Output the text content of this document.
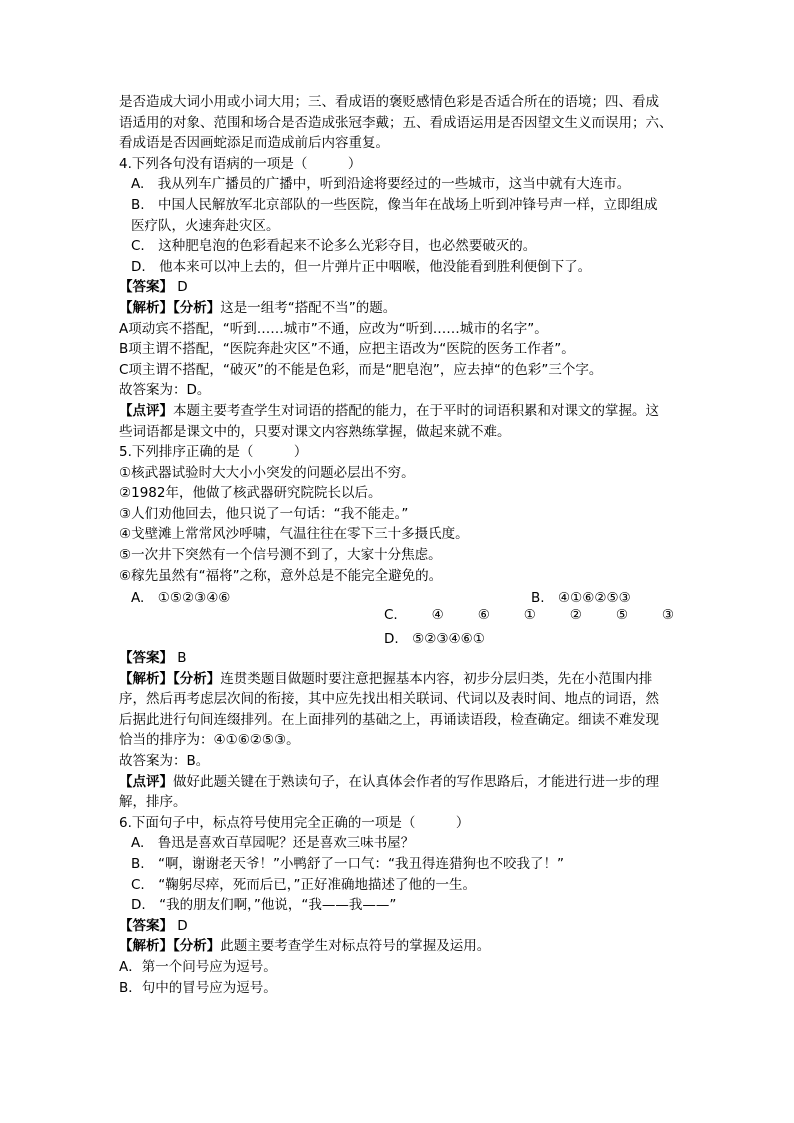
是否造成大词小用或小词大用；三、看成语的褒贬感情色彩是否适合所在的语境；四、看成

语适用的对象、范围和场合是否造成张冠李戴；五、看成语运用是否因望文生义而误用；六、

看成语是否因画蛇添足而造成前后内容重复。

4.下列各句没有语病的一项是（　　　）

A.　我从列车广播员的广播中，听到沿途将要经过的一些城市，这当中就有大连市。

B.　中国人民解放军北京部队的一些医院，像当年在战场上听到冲锋号声一样，立即组成

医疗队，火速奔赴灾区。

C.　这种肥皂泡的色彩看起来不论多么光彩夺目，也必然要破灭的。

D.　他本来可以冲上去的，但一片弹片正中咽喉，他没能看到胜利便倒下了。

【答案】 D

【解析】【分析】这是一组考“搭配不当”的题。

A项动宾不搭配，“听到……城市”不通，应改为“听到……城市的名字”。

B项主谓不搭配，“医院奔赴灾区”不通，应把主语改为“医院的医务工作者”。

C项主谓不搭配，“破灭”的不能是色彩，而是“肥皂泡”，应去掉“的色彩”三个字。

故答案为：D。

【点评】本题主要考查学生对词语的搭配的能力，在于平时的词语积累和对课文的掌握。这

些词语都是课文中的，只要对课文内容熟练掌握，做起来就不难。

5.下列排序正确的是（　　　）

①核武器试验时大大小小突发的问题必层出不穷。

②1982年，他做了核武器研究院院长以后。

③人们劝他回去，他只说了一句话：“我不能走。”

④戈壁滩上常常风沙呼啸，气温往往在零下三十多摄氏度。

⑤一次井下突然有一个信号测不到了，大家十分焦虑。

⑥稼先虽然有“福将”之称，意外总是不能完全避免的。

A.　①⑤②③④⑥	B.　④①⑥②⑤③
C.	④	⑥	①	②	⑤	③
D.　⑤②③④⑥①

【答案】 B

【解析】【分析】连贯类题目做题时要注意把握基本内容，初步分层归类，先在小范围内排

序，然后再考虑层次间的衔接，其中应先找出相关联词、代词以及表时间、地点的词语，然

后据此进行句间连缀排列。在上面排列的基础之上，再诵读语段，检查确定。细读不难发现

恰当的排序为：④①⑥②⑤③。

故答案为：B。

【点评】做好此题关键在于熟读句子，在认真体会作者的写作思路后，才能进行进一步的理

解，排序。

6.下面句子中，标点符号使用完全正确的一项是（　　　）

A.　鲁迅是喜欢百草园呢？还是喜欢三味书屋？

B.　“啊，谢谢老天爷！”小鸭舒了一口气：“我丑得连猎狗也不咬我了！”

C.　“鞠躬尽瘁，死而后已，”正好准确地描述了他的一生。

D.　“我的朋友们啊，”他说，“我——我——”

【答案】 D

【解析】【分析】此题主要考查学生对标点符号的掌握及运用。

A．第一个问号应为逗号。

B．句中的冒号应为逗号。
